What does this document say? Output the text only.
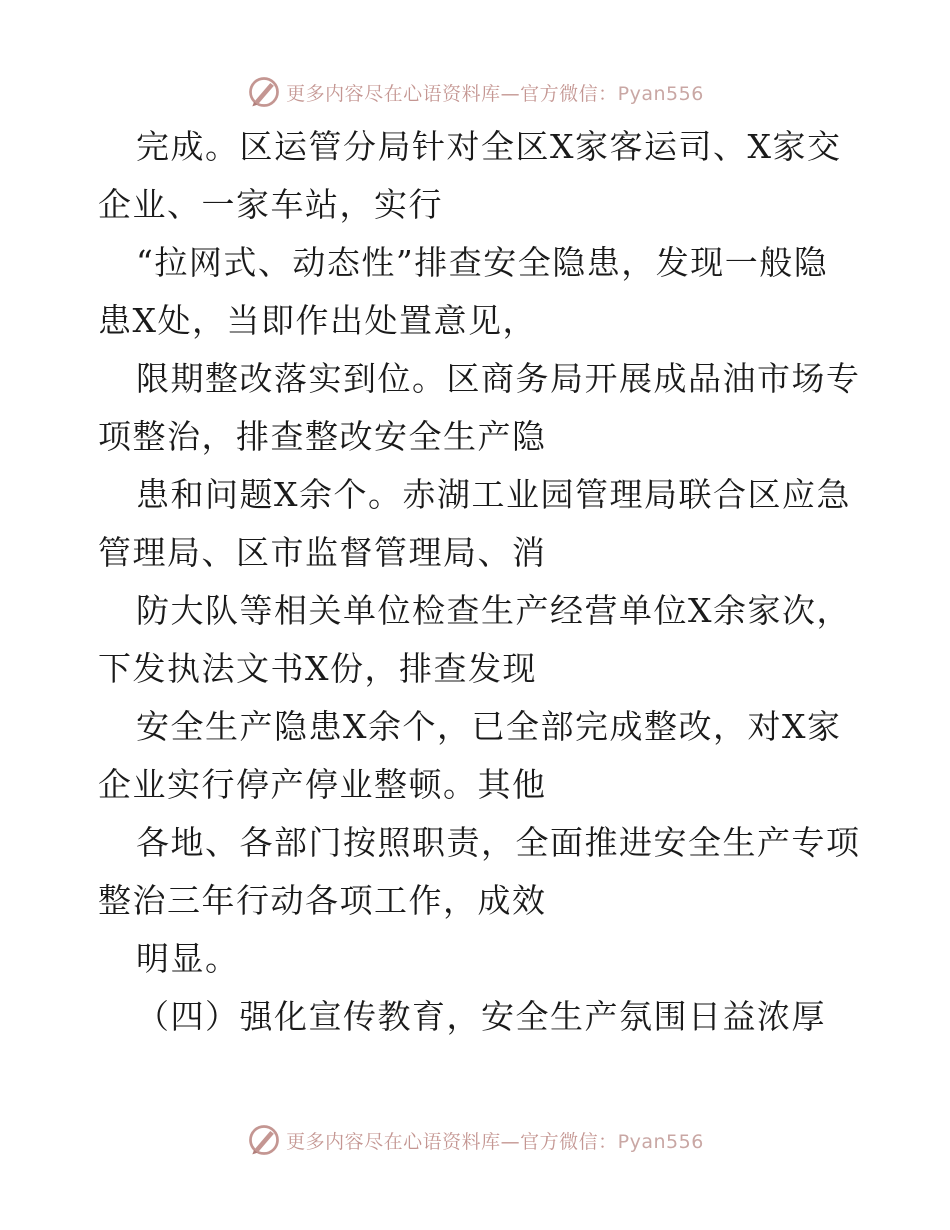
更多内容尽在心语资料库—官方微信：Pyan556
完成。区运管分局针对全区X家客运司、X家交
企业、一家车站，实行
“拉网式、动态性”排查安全隐患，发现一般隐
患X处，当即作出处置意见，
限期整改落实到位。区商务局开展成品油市场专
项整治，排查整改安全生产隐
患和问题X余个。赤湖工业园管理局联合区应急
管理局、区市监督管理局、消
防大队等相关单位检查生产经营单位X余家次，
下发执法文书X份，排查发现
安全生产隐患X余个，已全部完成整改，对X家
企业实行停产停业整顿。其他
各地、各部门按照职责，全面推进安全生产专项
整治三年行动各项工作，成效
明显。
（四）强化宣传教育，安全生产氛围日益浓厚
更多内容尽在心语资料库—官方微信：Pyan556
